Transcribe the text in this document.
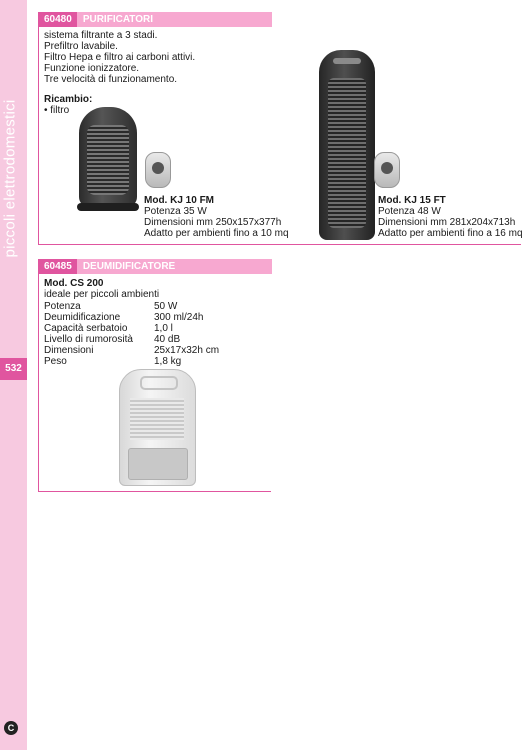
piccoli elettrodomestici
532
C
60480	PURIFICATORI
sistema filtrante a 3 stadi.
Prefiltro lavabile.
Filtro Hepa e filtro ai carboni attivi.
Funzione ionizzatore.
Tre velocità di funzionamento.
Ricambio:
• filtro
Mod. KJ 10 FM
Potenza 35 W
Dimensioni mm 250x157x377h
Adatto per ambienti fino a 10 mq
Mod. KJ 15 FT
Potenza 48 W
Dimensioni mm 281x204x713h
Adatto per ambienti fino a 16 mq
60485	DEUMIDIFICATORE
Mod. CS 200
ideale per piccoli ambienti
Potenza	50 W
Deumidificazione	300 ml/24h
Capacità serbatoio	1,0 l
Livello di rumorosità	40 dB
Dimensioni	25x17x32h cm
Peso	1,8 kg
